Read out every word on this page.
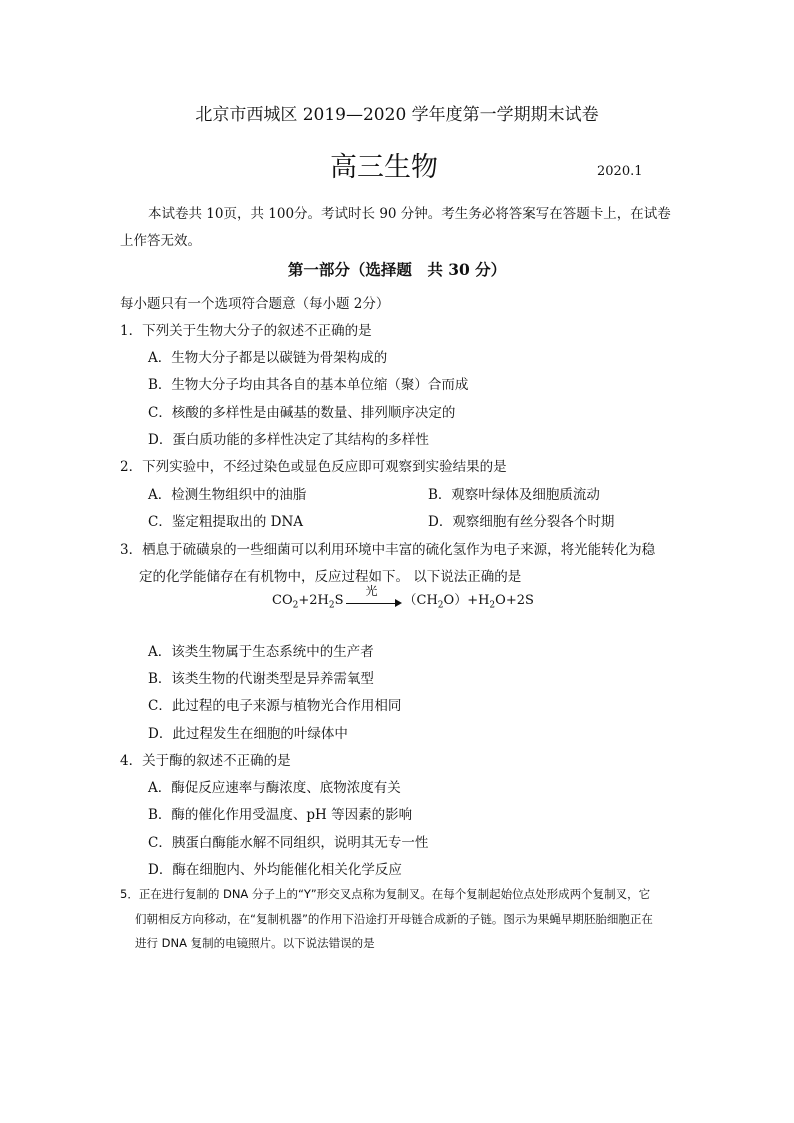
北京市西城区 2019—2020 学年度第一学期期末试卷
高三生物	2020.1
本试卷共 10页，共 100分。考试时长 90 分钟。考生务必将答案写在答题卡上，在试卷
上作答无效。
第一部分（选择题　共 30 分）
每小题只有一个选项符合题意（每小题 2分）
1．下列关于生物大分子的叙述不正确的是
A．生物大分子都是以碳链为骨架构成的
B．生物大分子均由其各自的基本单位缩（聚）合而成
C．核酸的多样性是由碱基的数量、排列顺序决定的
D．蛋白质功能的多样性决定了其结构的多样性
2．下列实验中，不经过染色或显色反应即可观察到实验结果的是
A．检测生物组织中的油脂	B．观察叶绿体及细胞质流动
C．鉴定粗提取出的 DNA	D．观察细胞有丝分裂各个时期
3．栖息于硫磺泉的一些细菌可以利用环境中丰富的硫化氢作为电子来源，将光能转化为稳
定的化学能储存在有机物中，反应过程如下。 以下说法正确的是
$CO_2+2H_2S$
光
$(CH_2O)+H_2O+2S$
A．该类生物属于生态系统中的生产者
B．该类生物的代谢类型是异养需氧型
C．此过程的电子来源与植物光合作用相同
D．此过程发生在细胞的叶绿体中
4．关于酶的叙述不正确的是
A．酶促反应速率与酶浓度、底物浓度有关
B．酶的催化作用受温度、pH 等因素的影响
C．胰蛋白酶能水解不同组织，说明其无专一性
D．酶在细胞内、外均能催化相关化学反应
5．正在进行复制的 DNA 分子上的“Y”形交叉点称为复制叉。在每个复制起始位点处形成两个复制叉，它
们朝相反方向移动，在“复制机器”的作用下沿途打开母链合成新的子链。图示为果蝇早期胚胎细胞正在
进行 DNA 复制的电镜照片。以下说法错误的是
